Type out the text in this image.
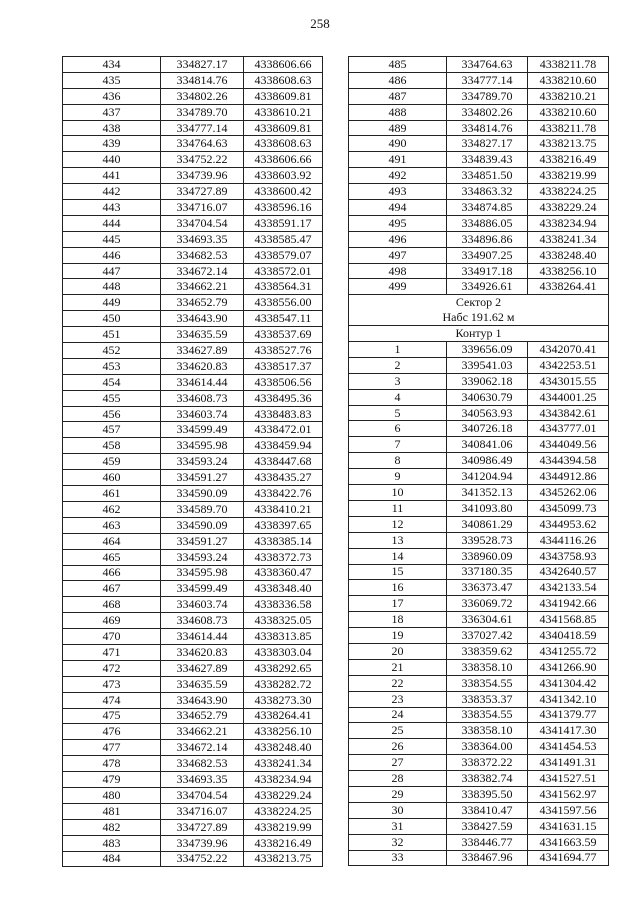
258
434	334827.17	4338606.66
435	334814.76	4338608.63
436	334802.26	4338609.81
437	334789.70	4338610.21
438	334777.14	4338609.81
439	334764.63	4338608.63
440	334752.22	4338606.66
441	334739.96	4338603.92
442	334727.89	4338600.42
443	334716.07	4338596.16
444	334704.54	4338591.17
445	334693.35	4338585.47
446	334682.53	4338579.07
447	334672.14	4338572.01
448	334662.21	4338564.31
449	334652.79	4338556.00
450	334643.90	4338547.11
451	334635.59	4338537.69
452	334627.89	4338527.76
453	334620.83	4338517.37
454	334614.44	4338506.56
455	334608.73	4338495.36
456	334603.74	4338483.83
457	334599.49	4338472.01
458	334595.98	4338459.94
459	334593.24	4338447.68
460	334591.27	4338435.27
461	334590.09	4338422.76
462	334589.70	4338410.21
463	334590.09	4338397.65
464	334591.27	4338385.14
465	334593.24	4338372.73
466	334595.98	4338360.47
467	334599.49	4338348.40
468	334603.74	4338336.58
469	334608.73	4338325.05
470	334614.44	4338313.85
471	334620.83	4338303.04
472	334627.89	4338292.65
473	334635.59	4338282.72
474	334643.90	4338273.30
475	334652.79	4338264.41
476	334662.21	4338256.10
477	334672.14	4338248.40
478	334682.53	4338241.34
479	334693.35	4338234.94
480	334704.54	4338229.24
481	334716.07	4338224.25
482	334727.89	4338219.99
483	334739.96	4338216.49
484	334752.22	4338213.75
485	334764.63	4338211.78
486	334777.14	4338210.60
487	334789.70	4338210.21
488	334802.26	4338210.60
489	334814.76	4338211.78
490	334827.17	4338213.75
491	334839.43	4338216.49
492	334851.50	4338219.99
493	334863.32	4338224.25
494	334874.85	4338229.24
495	334886.05	4338234.94
496	334896.86	4338241.34
497	334907.25	4338248.40
498	334917.18	4338256.10
499	334926.61	4338264.41
Сектор 2		
Набс 191.62 м		
Контур 1		
1	339656.09	4342070.41
2	339541.03	4342253.51
3	339062.18	4343015.55
4	340630.79	4344001.25
5	340563.93	4343842.61
6	340726.18	4343777.01
7	340841.06	4344049.56
8	340986.49	4344394.58
9	341204.94	4344912.86
10	341352.13	4345262.06
11	341093.80	4345099.73
12	340861.29	4344953.62
13	339528.73	4344116.26
14	338960.09	4343758.93
15	337180.35	4342640.57
16	336373.47	4342133.54
17	336069.72	4341942.66
18	336304.61	4341568.85
19	337027.42	4340418.59
20	338359.62	4341255.72
21	338358.10	4341266.90
22	338354.55	4341304.42
23	338353.37	4341342.10
24	338354.55	4341379.77
25	338358.10	4341417.30
26	338364.00	4341454.53
27	338372.22	4341491.31
28	338382.74	4341527.51
29	338395.50	4341562.97
30	338410.47	4341597.56
31	338427.59	4341631.15
32	338446.77	4341663.59
33	338467.96	4341694.77
